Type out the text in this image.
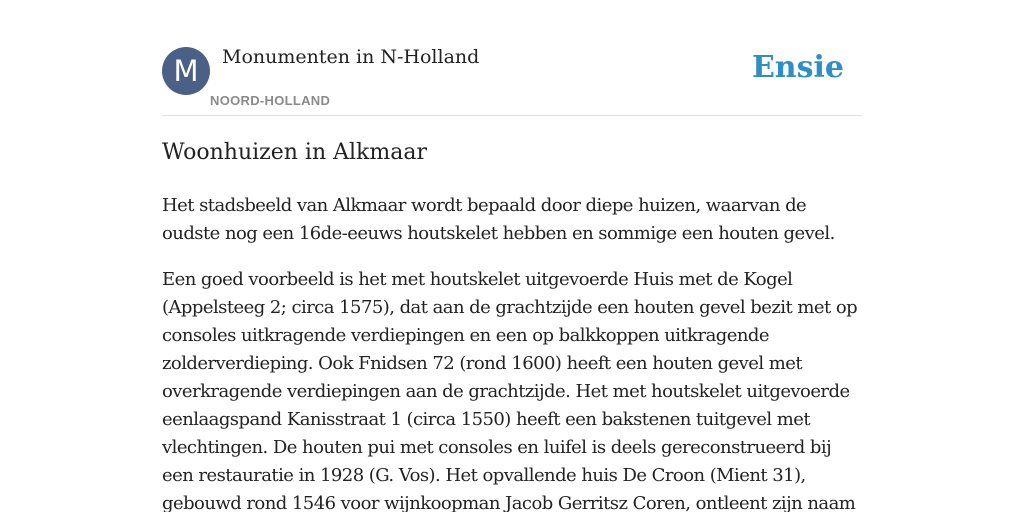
M	Monumenten in N-Holland
NOORD-HOLLAND
Ensie
Woonhuizen in Alkmaar

Het stadsbeeld van Alkmaar wordt bepaald door diepe huizen, waarvan de oudste nog een 16de-eeuws houtskelet hebben en sommige een houten gevel.

Een goed voorbeeld is het met houtskelet uitgevoerde Huis met de Kogel (Appelsteeg 2; circa 1575), dat aan de grachtzijde een houten gevel bezit met op consoles uitkragende verdiepingen en een op balkkoppen uitkragende zolderverdieping. Ook Fnidsen 72 (rond 1600) heeft een houten gevel met overkragende verdiepingen aan de grachtzijde. Het met houtskelet uitgevoerde eenlaagspand Kanisstraat 1 (circa 1550) heeft een bakstenen tuitgevel met vlechtingen. De houten pui met consoles en luifel is deels gereconstrueerd bij een restauratie in 1928 (G. Vos). Het opvallende huis De Croon (Mient 31), gebouwd rond 1546 voor wijnkoopman Jacob Gerritsz Coren, ontleent zijn naam
